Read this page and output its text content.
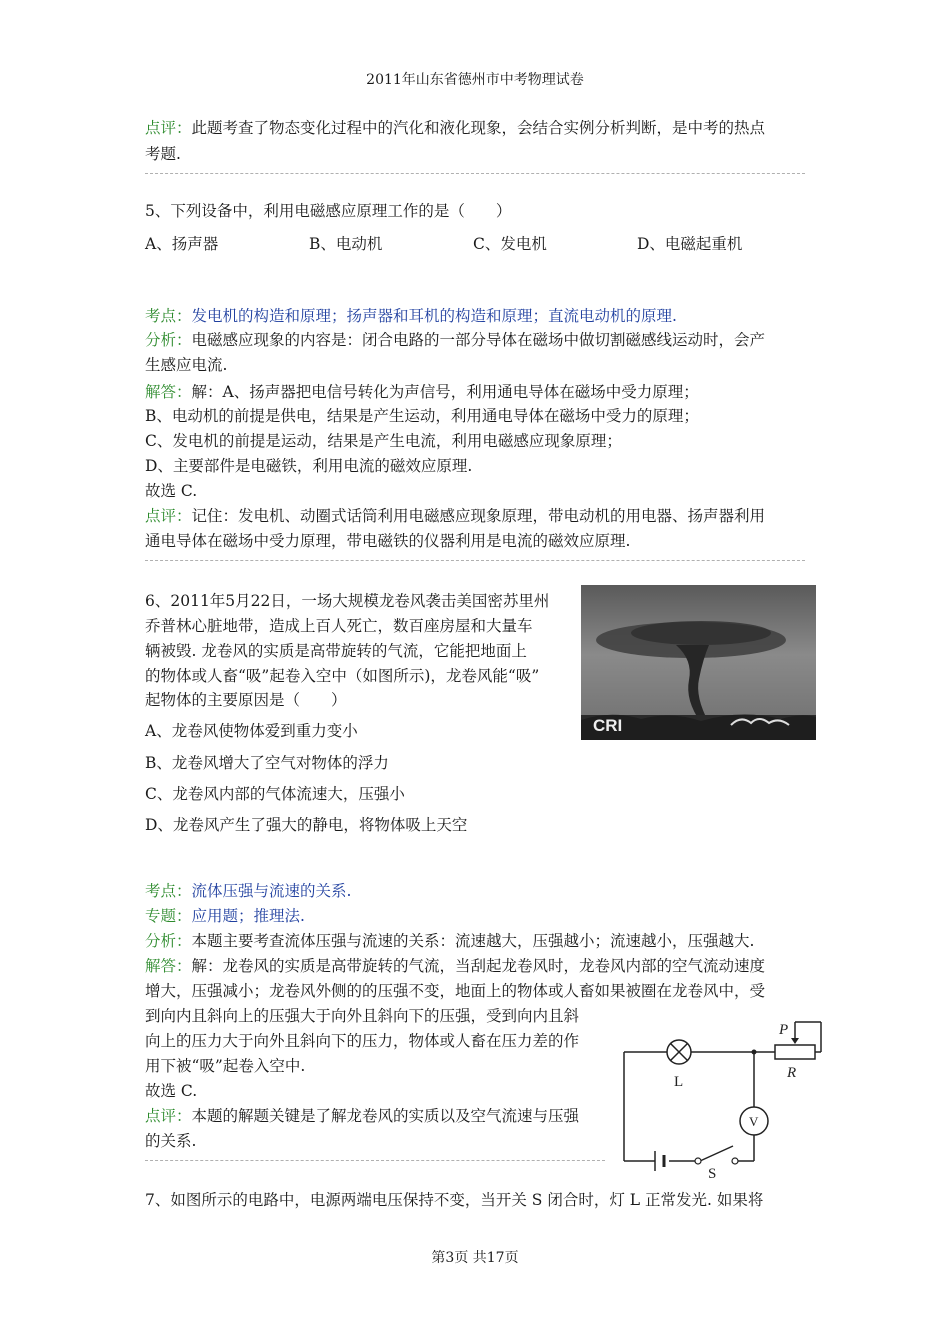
2011年山东省德州市中考物理试卷
点评：此题考查了物态变化过程中的汽化和液化现象，会结合实例分析判断，是中考的热点
考题.
5、下列设备中，利用电磁感应原理工作的是（　　）
A、扬声器	B、电动机	C、发电机	D、电磁起重机
考点：发电机的构造和原理；扬声器和耳机的构造和原理；直流电动机的原理.
分析：电磁感应现象的内容是：闭合电路的一部分导体在磁场中做切割磁感线运动时，会产
生感应电流.
解答：解：A、扬声器把电信号转化为声信号，利用通电导体在磁场中受力原理；
B、电动机的前提是供电，结果是产生运动，利用通电导体在磁场中受力的原理；
C、发电机的前提是运动，结果是产生电流，利用电磁感应现象原理；
D、主要部件是电磁铁，利用电流的磁效应原理.
故选 C.
点评：记住：发电机、动圈式话筒利用电磁感应现象原理，带电动机的用电器、扬声器利用
通电导体在磁场中受力原理，带电磁铁的仪器利用是电流的磁效应原理.
6、2011年5月22日，一场大规模龙卷风袭击美国密苏里州
乔普林心脏地带，造成上百人死亡，数百座房屋和大量车
辆被毁. 龙卷风的实质是高带旋转的气流，它能把地面上
的物体或人畜“吸”起卷入空中（如图所示)，龙卷风能“吸”
起物体的主要原因是（　　）
CRI
A、龙卷风使物体爱到重力变小
B、龙卷风增大了空气对物体的浮力
C、龙卷风内部的气体流速大，压强小
D、龙卷风产生了强大的静电，将物体吸上天空
考点：流体压强与流速的关系.
专题：应用题；推理法.
分析：本题主要考查流体压强与流速的关系：流速越大，压强越小；流速越小，压强越大.
解答：解：龙卷风的实质是高带旋转的气流，当刮起龙卷风时，龙卷风内部的空气流动速度
增大，压强减小；龙卷风外侧的的压强不变，地面上的物体或人畜如果被圈在龙卷风中，受
到向内且斜向上的压强大于向外且斜向下的压强，受到向内且斜
向上的压力大于向外且斜向下的压力，物体或人畜在压力差的作
用下被“吸”起卷入空中.
故选 C.
点评：本题的解题关键是了解龙卷风的实质以及空气流速与压强
的关系.
P
R
L
V
S
7、如图所示的电路中，电源两端电压保持不变，当开关 S 闭合时，灯 L 正常发光. 如果将
第3页 共17页
